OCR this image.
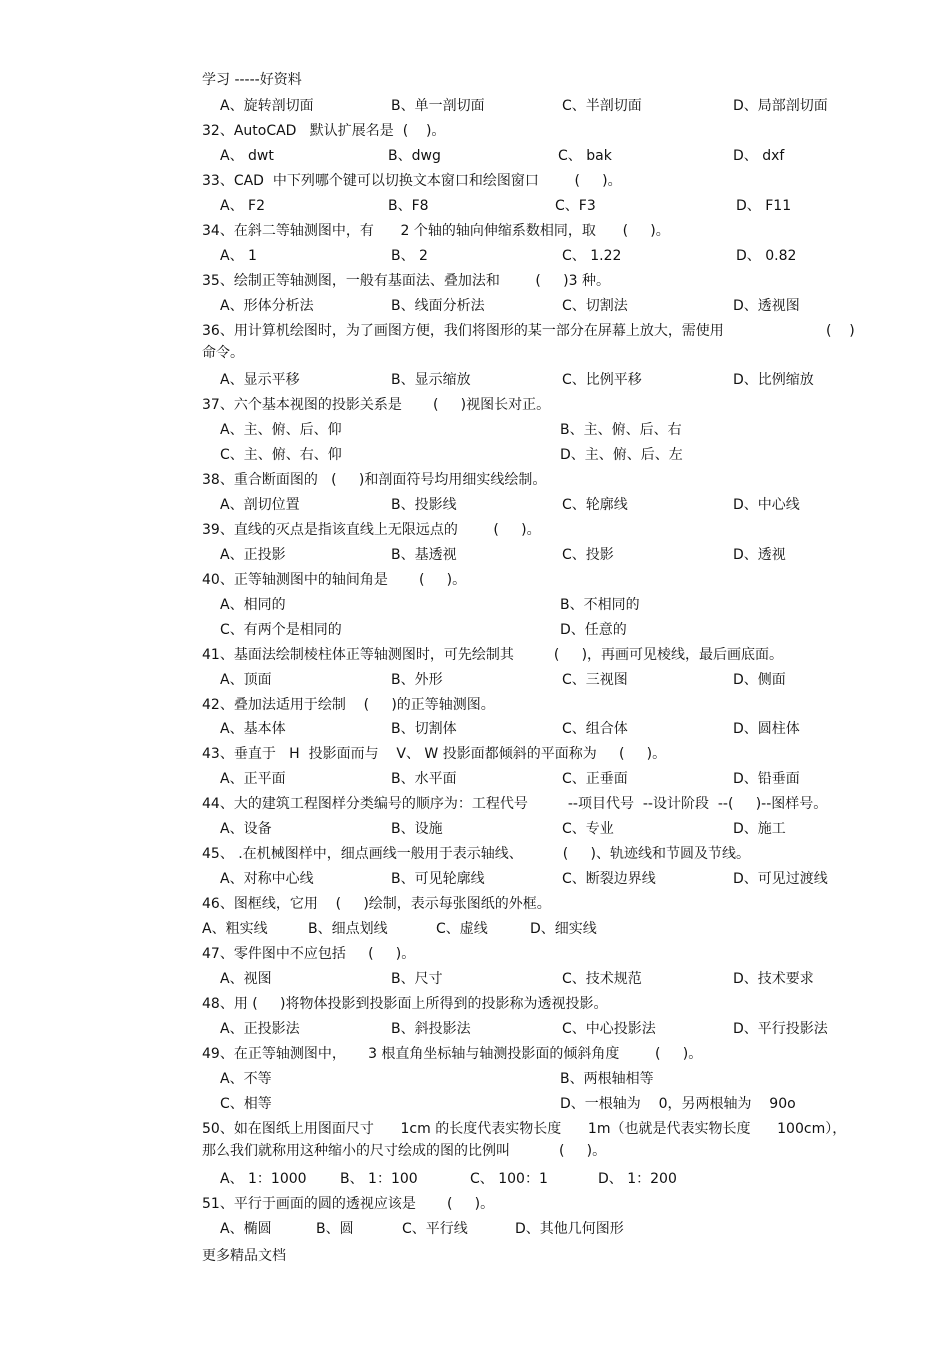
学习 -----好资料
A、旋转剖切面	B、单一剖切面	C、半剖切面	D、局部剖切面
32、AutoCAD   默认扩展名是  (    )。
A、 dwt	B、dwg	C、 bak	D、 dxf
33、CAD  中下列哪个键可以切换文本窗口和绘图窗口        (     )。
A、 F2	B、F8	C、F3	D、 F11
34、在斜二等轴测图中，有      2 个轴的轴向伸缩系数相同，取      (     )。
A、 1	B、 2	C、 1.22	D、 0.82
35、绘制正等轴测图，一般有基面法、叠加法和        (     )3 种。
A、形体分析法	B、线面分析法	C、切割法	D、透视图
36、用计算机绘图时，为了画图方便，我们将图形的某一部分在屏幕上放大，需使用	(    )
命令。
A、显示平移	B、显示缩放	C、比例平移	D、比例缩放
37、六个基本视图的投影关系是       (     )视图长对正。
A、主、俯、后、仰	B、主、俯、后、右
C、主、俯、右、仰	D、主、俯、后、左
38、重合断面图的   (     )和剖面符号均用细实线绘制。
A、剖切位置	B、投影线	C、轮廓线	D、中心线
39、直线的灭点是指该直线上无限远点的        (     )。
A、正投影	B、基透视	C、投影	D、透视
40、正等轴测图中的轴间角是       (     )。
A、相同的	B、不相同的
C、有两个是相同的	D、任意的
41、基面法绘制棱柱体正等轴测图时，可先绘制其         (     )，再画可见棱线，最后画底面。
A、顶面	B、外形	C、三视图	D、侧面
42、叠加法适用于绘制    (     )的正等轴测图。
A、基本体	B、切割体	C、组合体	D、圆柱体
43、垂直于   H  投影面而与    V、 W 投影面都倾斜的平面称为     (     )。
A、正平面	B、水平面	C、正垂面	D、铅垂面
44、大的建筑工程图样分类编号的顺序为：工程代号         --项目代号  --设计阶段  --(     )--图样号。
A、设备	B、设施	C、专业	D、施工
45、 .在机械图样中，细点画线一般用于表示轴线、         (     )、轨迹线和节圆及节线。
A、对称中心线	B、可见轮廓线	C、断裂边界线	D、可见过渡线
46、图框线，它用    (     )绘制，表示每张图纸的外框。
A、粗实线	B、细点划线	C、虚线	D、细实线
47、零件图中不应包括     (     )。
A、视图	B、尺寸	C、技术规范	D、技术要求
48、用 (     )将物体投影到投影面上所得到的投影称为透视投影。
A、正投影法	B、斜投影法	C、中心投影法	D、平行投影法
49、在正等轴测图中，     3 根直角坐标轴与轴测投影面的倾斜角度        (     )。
A、不等	B、两根轴相等
C、相等	D、一根轴为    0，另两根轴为    90o
50、如在图纸上用图面尺寸      1cm 的长度代表实物长度      1m（也就是代表实物长度      100cm），
那么我们就称用这种缩小的尺寸绘成的图的比例叫           (     )。
A、 1：1000 B、 1：100	C、 100：1	D、 1：200
51、平行于画面的圆的透视应该是       (     )。
A、椭圆	B、圆	C、平行线	D、其他几何图形
更多精品文档
